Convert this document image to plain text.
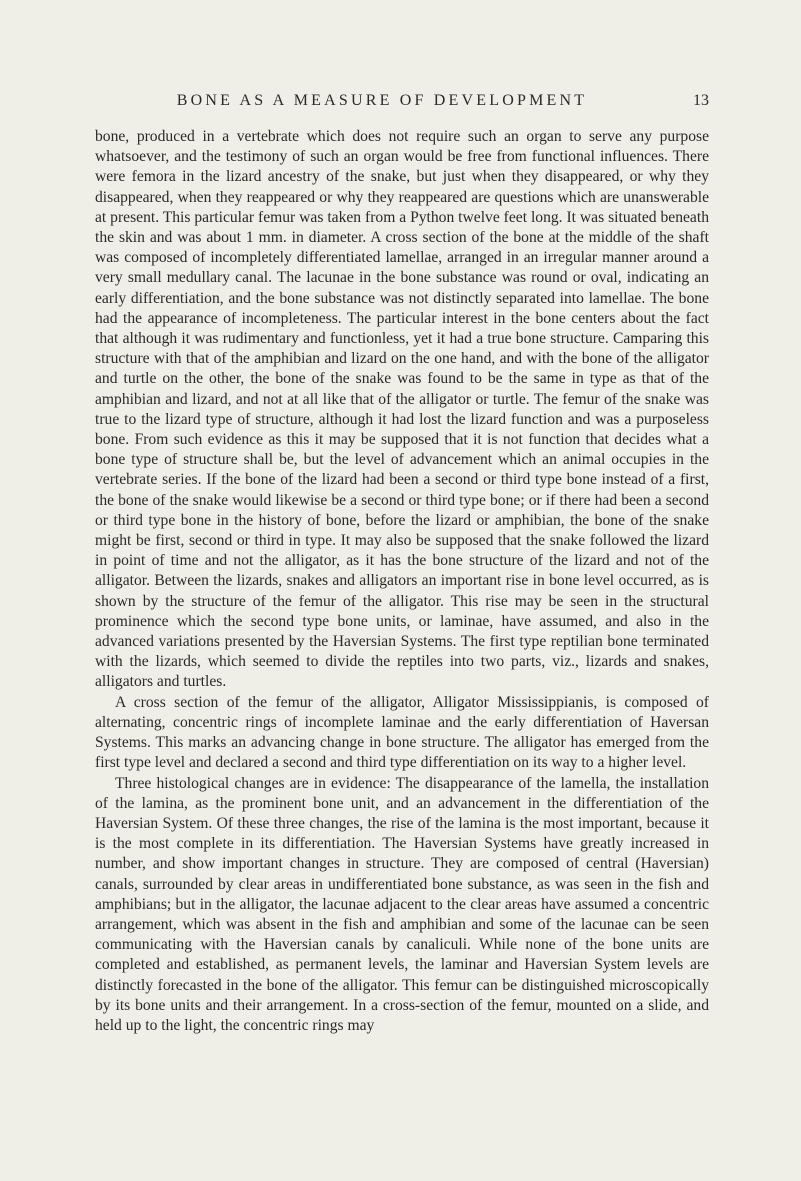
BONE AS A MEASURE OF DEVELOPMENT	13

bone, produced in a vertebrate which does not require such an organ to serve any purpose whatsoever, and the testimony of such an organ would be free from functional influences. There were femora in the lizard ancestry of the snake, but just when they disappeared, or why they disappeared, when they reappeared or why they reappeared are questions which are unanswerable at present. This particular femur was taken from a Python twelve feet long. It was situated beneath the skin and was about 1 mm. in diameter. A cross section of the bone at the middle of the shaft was composed of incompletely differentiated lamellae, arranged in an irregular manner around a very small medullary canal. The lacunae in the bone substance was round or oval, indicating an early differentiation, and the bone substance was not distinctly separated into lamellae. The bone had the appearance of incompleteness. The particular interest in the bone centers about the fact that although it was rudimentary and functionless, yet it had a true bone structure. Camparing this structure with that of the amphibian and lizard on the one hand, and with the bone of the alligator and turtle on the other, the bone of the snake was found to be the same in type as that of the amphibian and lizard, and not at all like that of the alligator or turtle. The femur of the snake was true to the lizard type of structure, although it had lost the lizard function and was a purposeless bone. From such evidence as this it may be supposed that it is not function that decides what a bone type of structure shall be, but the level of advancement which an animal occupies in the vertebrate series. If the bone of the lizard had been a second or third type bone instead of a first, the bone of the snake would likewise be a second or third type bone; or if there had been a second or third type bone in the history of bone, before the lizard or amphibian, the bone of the snake might be first, second or third in type. It may also be supposed that the snake followed the lizard in point of time and not the alligator, as it has the bone structure of the lizard and not of the alligator. Between the lizards, snakes and alligators an important rise in bone level occurred, as is shown by the structure of the femur of the alligator. This rise may be seen in the structural prominence which the second type bone units, or laminae, have assumed, and also in the advanced variations presented by the Haversian Systems. The first type reptilian bone terminated with the lizards, which seemed to divide the reptiles into two parts, viz., lizards and snakes, alligators and turtles.

A cross section of the femur of the alligator, Alligator Mississippianis, is composed of alternating, concentric rings of incomplete laminae and the early differentiation of Haversan Systems. This marks an advancing change in bone structure. The alligator has emerged from the first type level and declared a second and third type differentiation on its way to a higher level.

Three histological changes are in evidence: The disappearance of the lamella, the installation of the lamina, as the prominent bone unit, and an advancement in the differentiation of the Haversian System. Of these three changes, the rise of the lamina is the most important, because it is the most complete in its differentiation. The Haversian Systems have greatly increased in number, and show important changes in structure. They are composed of central (Haversian) canals, surrounded by clear areas in undifferentiated bone substance, as was seen in the fish and amphibians; but in the alligator, the lacunae adjacent to the clear areas have assumed a concentric arrangement, which was absent in the fish and amphibian and some of the lacunae can be seen communicating with the Haversian canals by canaliculi. While none of the bone units are completed and established, as permanent levels, the laminar and Haversian System levels are distinctly forecasted in the bone of the alligator. This femur can be distinguished microscopically by its bone units and their arrangement. In a cross-section of the femur, mounted on a slide, and held up to the light, the concentric rings may
